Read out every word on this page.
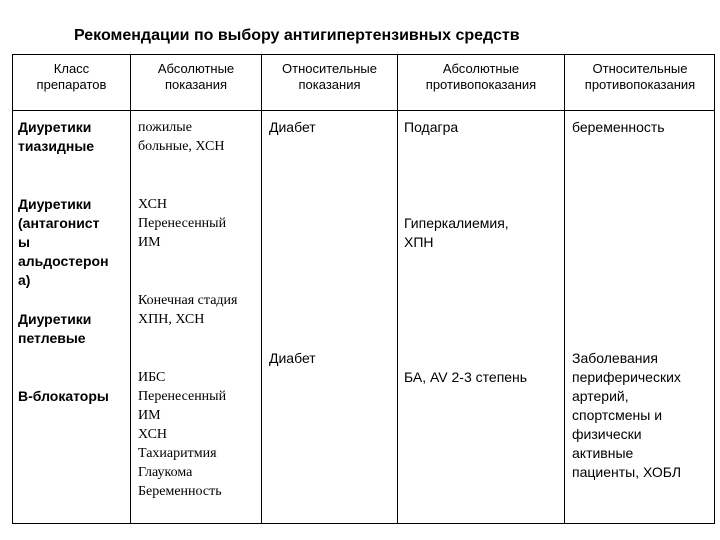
Рекомендации по выбору антигипертензивных средств
Класс
препаратов
Абсолютные
показания
Относительные
показания
Абсолютные
противопоказания
Относительные
противопоказания
Диуретики
тиазидные
пожилые
больные, ХСН
Диабет	Подагра	беременность
Диуретики
(антагонист
ы
альдостерон
а)
ХСН
Перенесенный
ИМ
Гиперкалиемия,
ХПН
Диуретики
петлевые
Конечная стадия
ХПН, ХСН
В-блокаторы
ИБС
Перенесенный
ИМ
ХСН
Тахиаритмия
Глаукома
Беременность
Диабет
БА, AV 2-3 степень
Заболевания
периферических
артерий,
спортсмены и
физически
активные
пациенты, ХОБЛ
